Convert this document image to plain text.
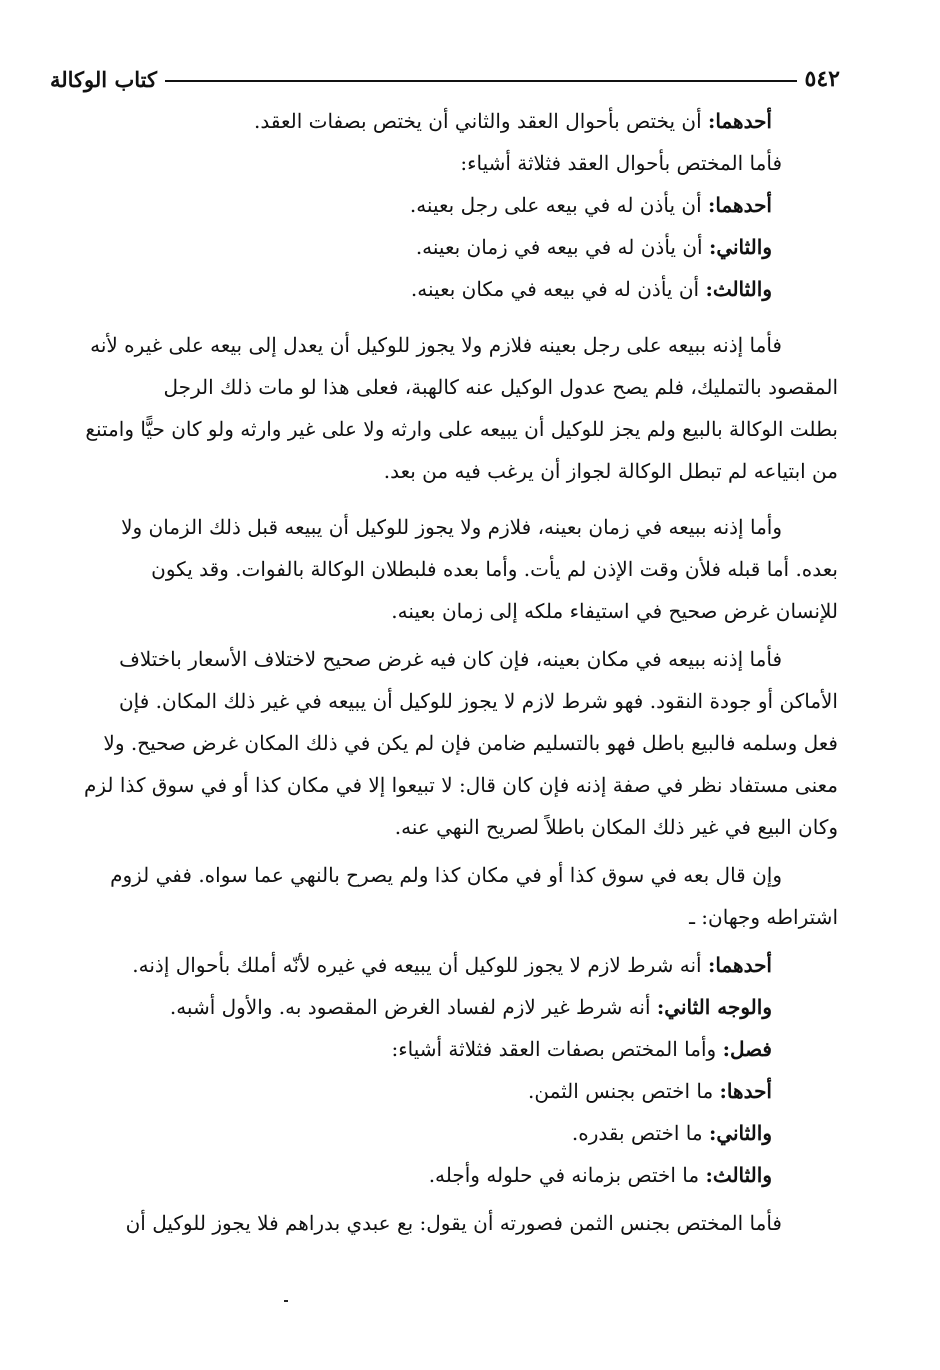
٥٤٢
كتاب الوكالة
أحدهما: أن يختص بأحوال العقد والثاني أن يختص بصفات العقد.
فأما المختص بأحوال العقد فثلاثة أشياء:
أحدهما: أن يأذن له في بيعه على رجل بعينه.
والثاني: أن يأذن له في بيعه في زمان بعينه.
والثالث: أن يأذن له في بيعه في مكان بعينه.
فأما إذنه ببيعه على رجل بعينه فلازم ولا يجوز للوكيل أن يعدل إلى بيعه على غيره لأنه
المقصود بالتمليك، فلم يصح عدول الوكيل عنه كالهبة، فعلى هذا لو مات ذلك الرجل
بطلت الوكالة بالبيع ولم يجز للوكيل أن يبيعه على وارثه ولا على غير وارثه ولو كان حيًّا وامتنع
من ابتياعه لم تبطل الوكالة لجواز أن يرغب فيه من بعد.
وأما إذنه ببيعه في زمان بعينه، فلازم ولا يجوز للوكيل أن يبيعه قبل ذلك الزمان ولا
بعده. أما قبله فلأن وقت الإذن لم يأت. وأما بعده فلبطلان الوكالة بالفوات. وقد يكون
للإنسان غرض صحيح في استيفاء ملكه إلى زمان بعينه.
فأما إذنه ببيعه في مكان بعينه، فإن كان فيه غرض صحيح لاختلاف الأسعار باختلاف
الأماكن أو جودة النقود. فهو شرط لازم لا يجوز للوكيل أن يبيعه في غير ذلك المكان. فإن
فعل وسلمه فالبيع باطل فهو بالتسليم ضامن فإن لم يكن في ذلك المكان غرض صحيح. ولا
معنى مستفاد نظر في صفة إذنه فإن كان قال: لا تبيعوا إلا في مكان كذا أو في سوق كذا لزم
وكان البيع في غير ذلك المكان باطلاً لصريح النهي عنه.
وإن قال بعه في سوق كذا أو في مكان كذا ولم يصرح بالنهي عما سواه. ففي لزوم
اشتراطه وجهان: ـ
أحدهما: أنه شرط لازم لا يجوز للوكيل أن يبيعه في غيره لأنّه أملك بأحوال إذنه.
والوجه الثاني: أنه شرط غير لازم لفساد الغرض المقصود به. والأول أشبه.
فصل: وأما المختص بصفات العقد فثلاثة أشياء:
أحدها: ما اختص بجنس الثمن.
والثاني: ما اختص بقدره.
والثالث: ما اختص بزمانه في حلوله وأجله.
فأما المختص بجنس الثمن فصورته أن يقول: بع عبدي بدراهم فلا يجوز للوكيل أن
